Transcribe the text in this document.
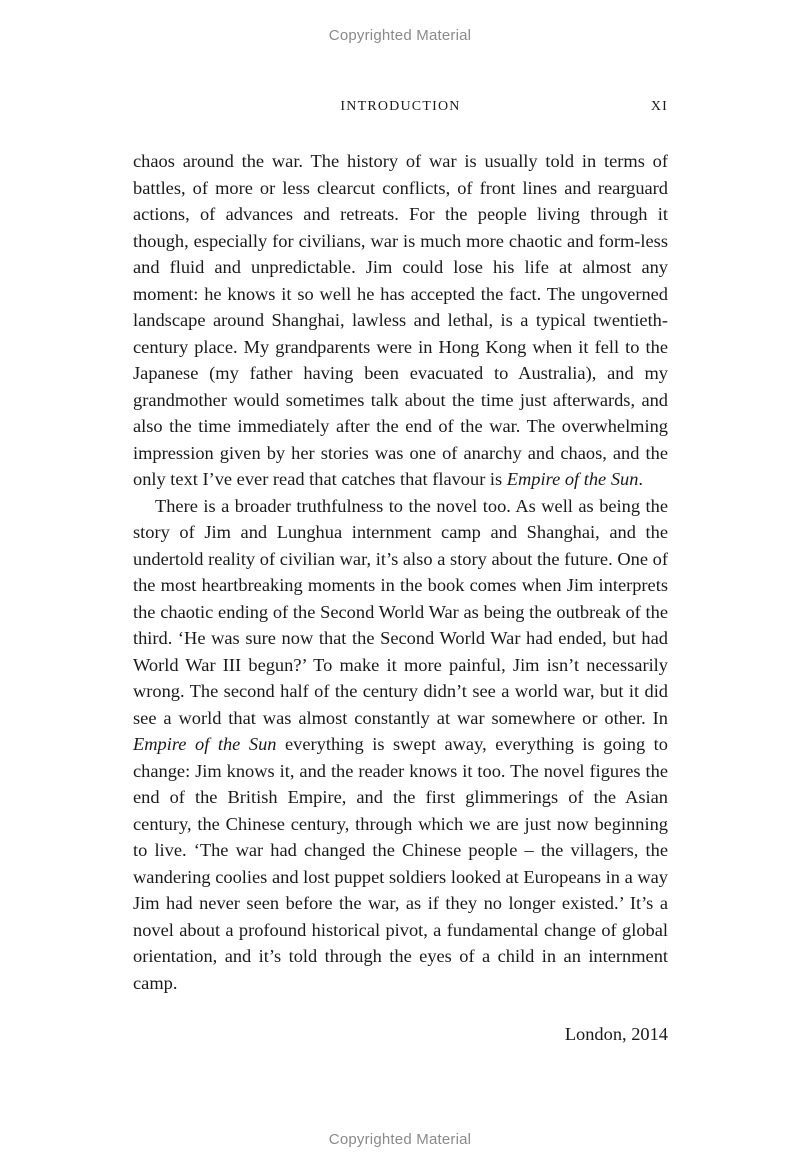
Copyrighted Material
INTRODUCTION	XI

chaos around the war. The history of war is usually told in terms of battles, of more or less clearcut conflicts, of front lines and rearguard actions, of advances and retreats. For the people living through it though, especially for civilians, war is much more chaotic and form-less and fluid and unpredictable. Jim could lose his life at almost any moment: he knows it so well he has accepted the fact. The ungoverned landscape around Shanghai, lawless and lethal, is a typical twentieth-century place. My grandparents were in Hong Kong when it fell to the Japanese (my father having been evacuated to Australia), and my grandmother would sometimes talk about the time just afterwards, and also the time immediately after the end of the war. The overwhelming impression given by her stories was one of anarchy and chaos, and the only text I’ve ever read that catches that flavour is Empire of the Sun.

There is a broader truthfulness to the novel too. As well as being the story of Jim and Lunghua internment camp and Shanghai, and the undertold reality of civilian war, it’s also a story about the future. One of the most heartbreaking moments in the book comes when Jim interprets the chaotic ending of the Second World War as being the outbreak of the third. ‘He was sure now that the Second World War had ended, but had World War III begun?’ To make it more painful, Jim isn’t necessarily wrong. The second half of the century didn’t see a world war, but it did see a world that was almost constantly at war somewhere or other. In Empire of the Sun everything is swept away, everything is going to change: Jim knows it, and the reader knows it too. The novel figures the end of the British Empire, and the first glimmerings of the Asian century, the Chinese century, through which we are just now beginning to live. ‘The war had changed the Chinese people – the villagers, the wandering coolies and lost puppet soldiers looked at Europeans in a way Jim had never seen before the war, as if they no longer existed.’ It’s a novel about a profound historical pivot, a fundamental change of global orientation, and it’s told through the eyes of a child in an internment camp.

London, 2014
Copyrighted Material
